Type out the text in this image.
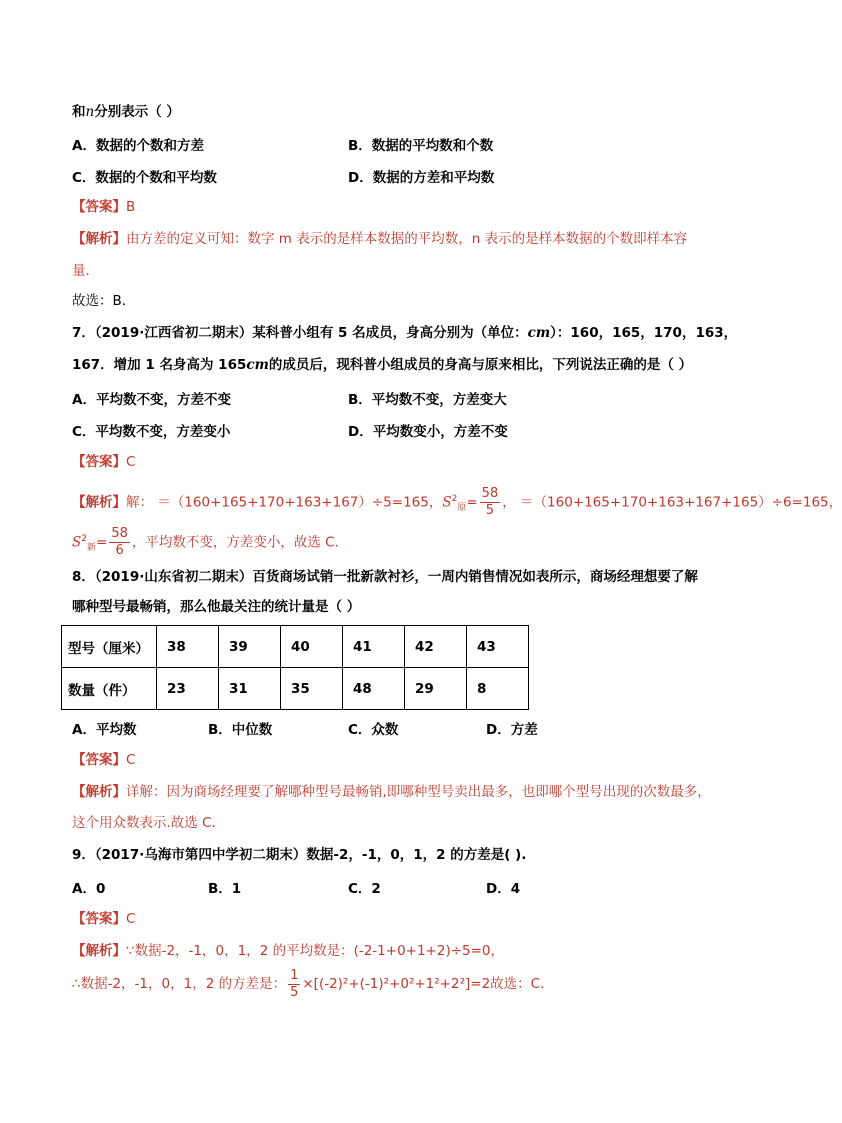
和n分别表示（ ）
A．数据的个数和方差	B．数据的平均数和个数
C．数据的个数和平均数	D．数据的方差和平均数
【答案】B
【解析】由方差的定义可知：数字 m 表示的是样本数据的平均数，n 表示的是样本数据的个数即样本容
量．
故选：B．
7．（2019·江西省初二期末）某科普小组有 5 名成员，身高分别为（单位：cm）：160，165，170，163，
167．增加 1 名身高为 165cm的成员后，现科普小组成员的身高与原来相比，下列说法正确的是（ ）
A．平均数不变，方差不变	B．平均数不变，方差变大
C．平均数不变，方差变小	D．平均数变小，方差不变
【答案】C
【解析】解： ＝（160+165+170+163+167）÷5=165，$S^2_原= \frac{58}{5}$ ， ＝（160+165+170+163+167+165）÷6=165，
$S^2_新= \frac{58}{6}$ ，平均数不变，方差变小，故选 C．
8．（2019·山东省初二期末）百货商场试销一批新款衬衫，一周内销售情况如表所示，商场经理想要了解
哪种型号最畅销，那么他最关注的统计量是（ ）
型号（厘米）	38	39	40	41	42	43
数量（件）	23	31	35	48	29	8
A．平均数	B．中位数	C．众数	D．方差
【答案】C
【解析】详解：因为商场经理要了解哪种型号最畅销,即哪种型号卖出最多，也即哪个型号出现的次数最多，
这个用众数表示.故选 C.
9．（2017·乌海市第四中学初二期末）数据-2，-1，0，1，2 的方差是( ).
A．0	B．1	C．2	D．4
【答案】C
【解析】∵数据-2，-1，0，1，2 的平均数是：(-2-1+0+1+2)÷5=0，
∴数据-2，-1，0，1，2 的方差是： $\frac{1}{5} \times[(-2)^2+(-1)^2+0^2+1^2+2^2]=2$故选：C.
